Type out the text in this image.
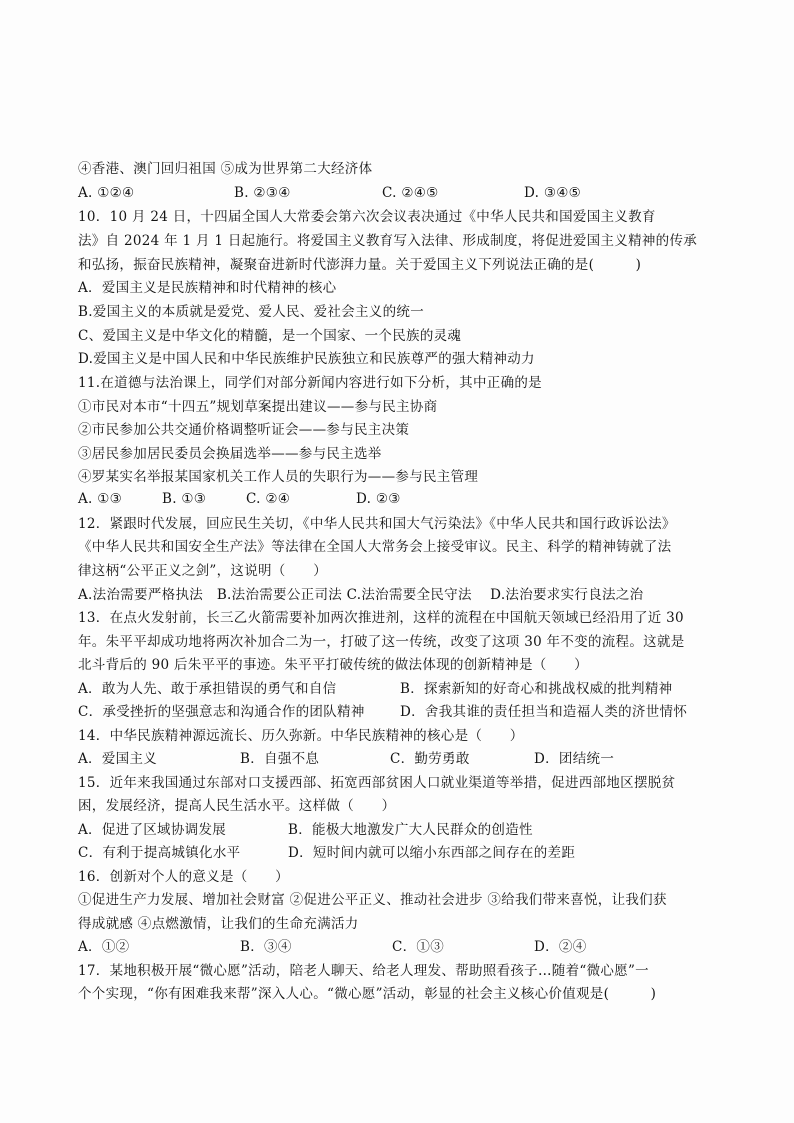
④香港、澳门回归祖国 ⑤成为世界第二大经济体
A. ①②④	B. ②③④	C. ②④⑤	D. ③④⑤
10．10 月 24 日，十四届全国人大常委会第六次会议表决通过《中华人民共和国爱国主义教育
法》自 2024 年 1 月 1 日起施行。将爱国主义教育写入法律、形成制度，将促进爱国主义精神的传承
和弘扬，振奋民族精神，凝聚奋进新时代澎湃力量。关于爱国主义下列说法正确的是(　　　)
A．爱国主义是民族精神和时代精神的核心
B.爱国主义的本质就是爱党、爱人民、爱社会主义的统一
C、爱国主义是中华文化的精髓，是一个国家、一个民族的灵魂
D.爱国主义是中国人民和中华民族维护民族独立和民族尊严的强大精神动力
11.在道德与法治课上，同学们对部分新闻内容进行如下分析，其中正确的是
①市民对本市“十四五”规划草案提出建议——参与民主协商
②市民参加公共交通价格调整听证会——参与民主决策
③居民参加居民委员会换届选举——参与民主选举
④罗某实名举报某国家机关工作人员的失职行为——参与民主管理
A. ①③	B. ①③	C. ②④	D. ②③
12．紧跟时代发展，回应民生关切，《中华人民共和国大气污染法》《中华人民共和国行政诉讼法》
《中华人民共和国安全生产法》等法律在全国人大常务会上接受审议。民主、科学的精神铸就了法
律这柄“公平正义之剑”，这说明（　　）
A.法治需要严格执法　B.法治需要公正司法 C.法治需要全民守法　 D.法治要求实行良法之治
13．在点火发射前，长三乙火箭需要补加两次推进剂，这样的流程在中国航天领域已经沿用了近 30
年。朱平平却成功地将两次补加合二为一，打破了这一传统，改变了这项 30 年不变的流程。这就是
北斗背后的 90 后朱平平的事迹。朱平平打破传统的做法体现的创新精神是（　　）
A．敢为人先、敢于承担错误的勇气和自信	B．探索新知的好奇心和挑战权威的批判精神
C．承受挫折的坚强意志和沟通合作的团队精神	D．舍我其谁的责任担当和造福人类的济世情怀
14．中华民族精神源远流长、历久弥新。中华民族精神的核心是（　　）
A．爱国主义	B．自强不息	C．勤劳勇敢	D．团结统一
15．近年来我国通过东部对口支援西部、拓宽西部贫困人口就业渠道等举措，促进西部地区摆脱贫
困，发展经济，提高人民生活水平。这样做（　　）
A．促进了区域协调发展	B．能极大地激发广大人民群众的创造性
C．有利于提高城镇化水平	D．短时间内就可以缩小东西部之间存在的差距
16．创新对个人的意义是（　　）
①促进生产力发展、增加社会财富 ②促进公平正义、推动社会进步 ③给我们带来喜悦，让我们获
得成就感 ④点燃激情，让我们的生命充满活力
A．①②	B．③④	C．①③	D．②④
17．某地积极开展“微心愿”活动，陪老人聊天、给老人理发、帮助照看孩子…随着“微心愿”一
个个实现，“你有困难我来帮”深入人心。“微心愿”活动，彰显的社会主义核心价值观是(　　　)
